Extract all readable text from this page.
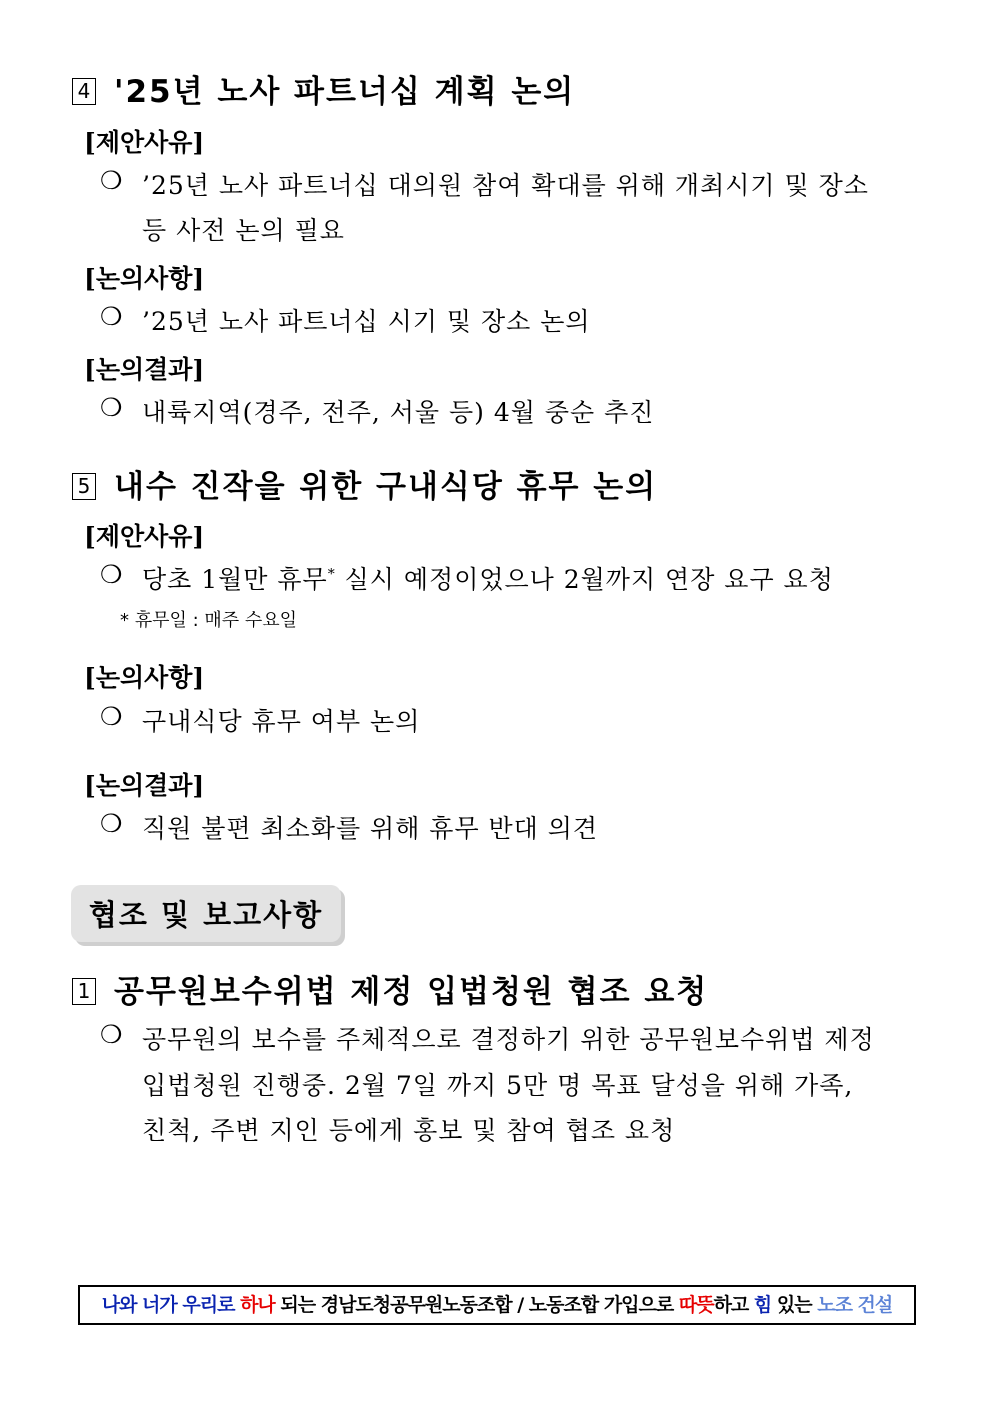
4 '25년 노사 파트너십 계획 논의
[제안사유]
❍ ’25년 노사 파트너십 대의원 참여 확대를 위해 개최시기 및 장소
등 사전 논의 필요
[논의사항]
❍ ’25년 노사 파트너십 시기 및 장소 논의
[논의결과]
❍ 내륙지역(경주, 전주, 서울 등) 4월 중순 추진
5 내수 진작을 위한 구내식당 휴무 논의
[제안사유]
❍ 당초 1월만 휴무* 실시 예정이었으나 2월까지 연장 요구 요청
* 휴무일 : 매주 수요일
[논의사항]
❍ 구내식당 휴무 여부 논의
[논의결과]
❍ 직원 불편 최소화를 위해 휴무 반대 의견
협조 및 보고사항
1 공무원보수위법 제정 입법청원 협조 요청
❍ 공무원의 보수를 주체적으로 결정하기 위한 공무원보수위법 제정
입법청원 진행중. 2월 7일 까지 5만 명 목표 달성을 위해 가족,
친척, 주변 지인 등에게 홍보 및 참여 협조 요청
나와 너가 우리로 하나 되는 경남도청공무원노동조합 / 노동조합 가입으로 따뜻하고 힘 있는 노조 건설
